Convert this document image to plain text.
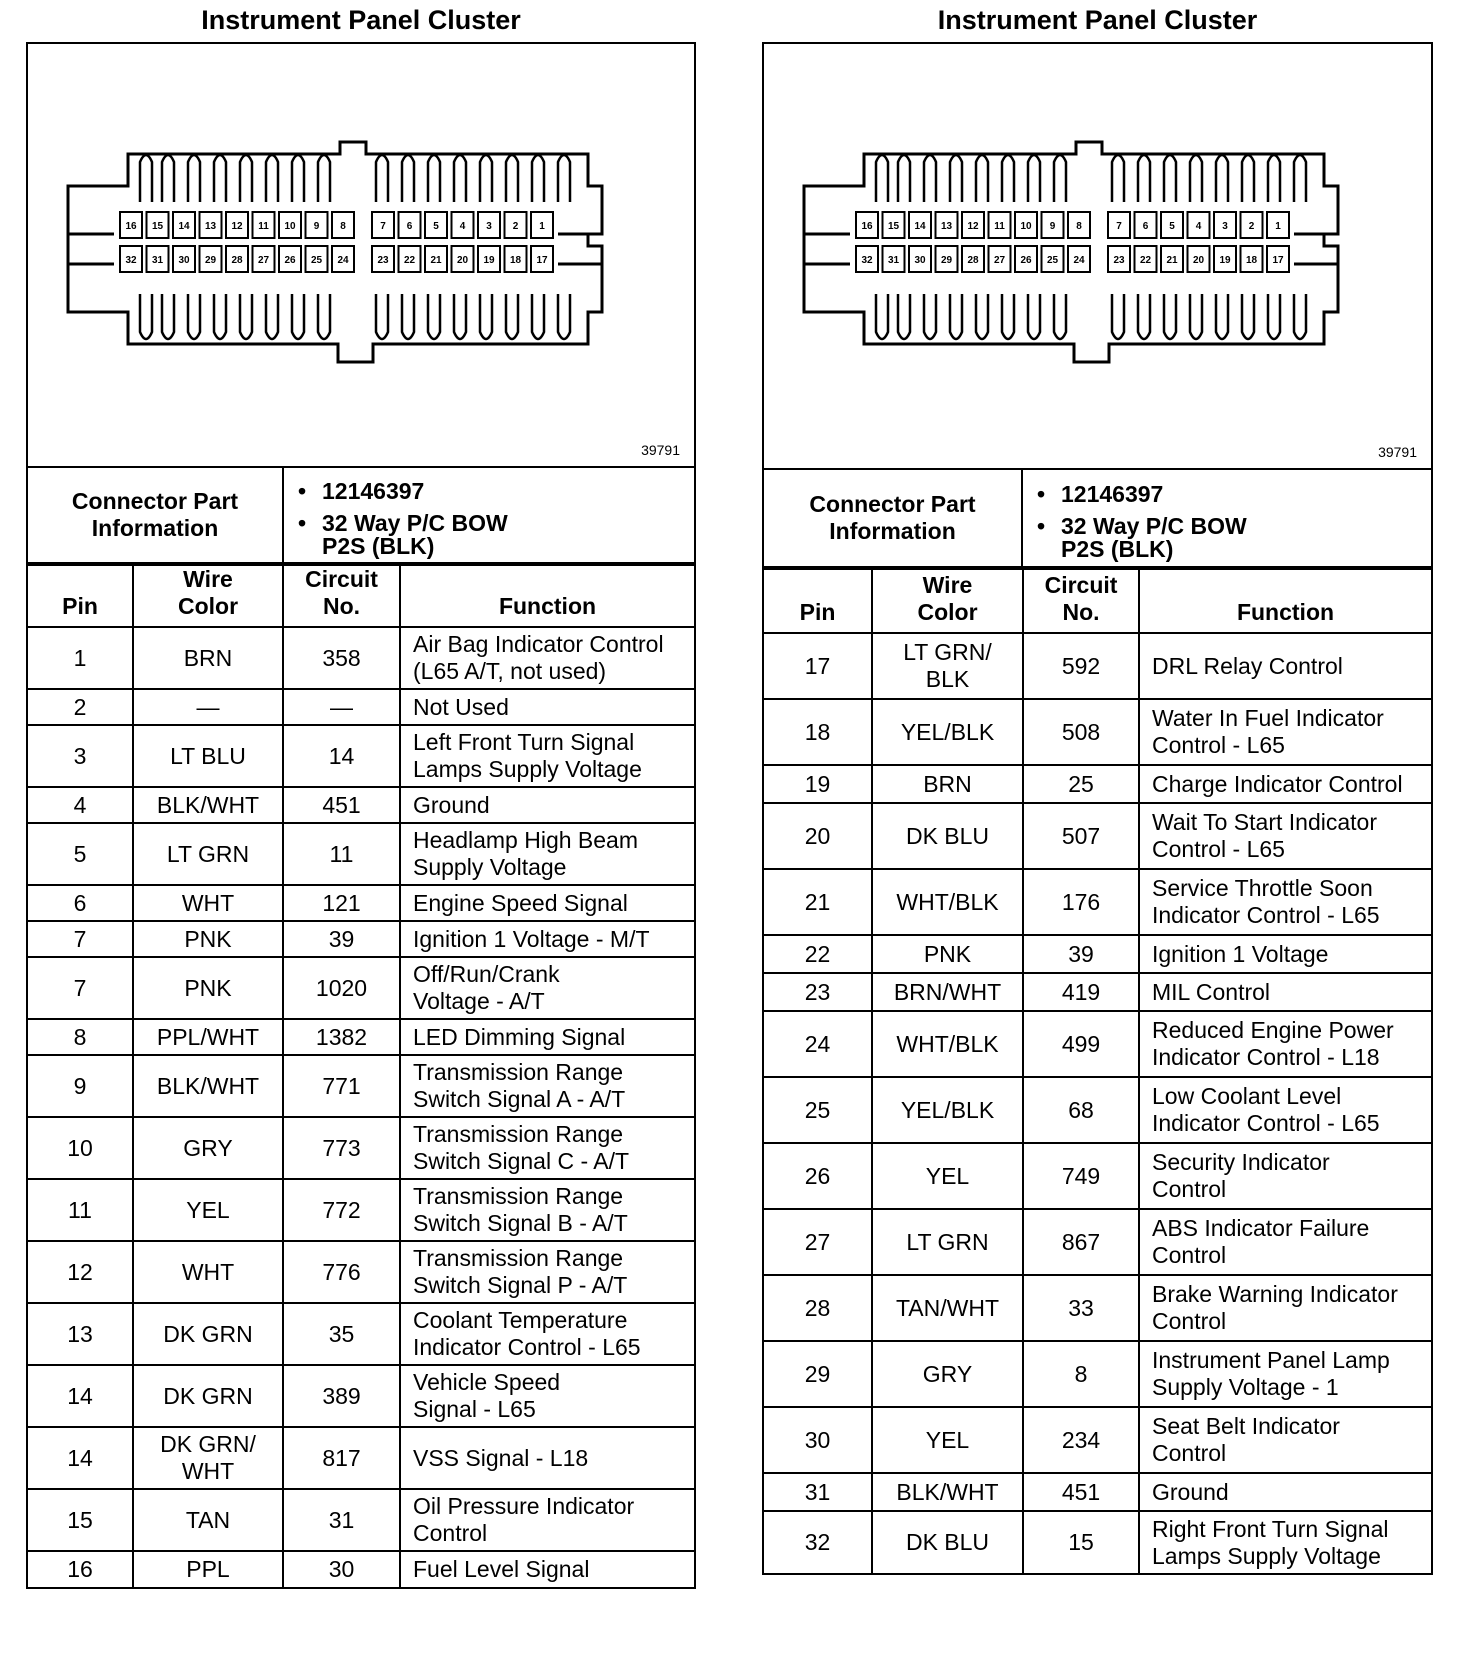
Instrument Panel Cluster
16 15 14 13 12 11 10 9 8	7 6 5 4 3 2 1
32 31 30 29 28 27 26 25 24	23 22 21 20 19 18 17
39791
Connector Part
Information	
• 12146397
• 32 Way P/C BOW
P2S (BLK)
Pin	Wire
Color	Circuit
No.	Function
1	BRN	358	Air Bag Indicator Control
(L65 A/T, not used)
2	—	—	Not Used
3	LT BLU	14	Left Front Turn Signal
Lamps Supply Voltage
4	BLK/WHT	451	Ground
5	LT GRN	11	Headlamp High Beam
Supply Voltage
6	WHT	121	Engine Speed Signal
7	PNK	39	Ignition 1 Voltage - M/T
7	PNK	1020	Off/Run/Crank
Voltage - A/T
8	PPL/WHT	1382	LED Dimming Signal
9	BLK/WHT	771	Transmission Range
Switch Signal A - A/T
10	GRY	773	Transmission Range
Switch Signal C - A/T
11	YEL	772	Transmission Range
Switch Signal B - A/T
12	WHT	776	Transmission Range
Switch Signal P - A/T
13	DK GRN	35	Coolant Temperature
Indicator Control - L65
14	DK GRN	389	Vehicle Speed
Signal - L65
14	DK GRN/
WHT	817	VSS Signal - L18
15	TAN	31	Oil Pressure Indicator
Control
16	PPL	30	Fuel Level Signal
Instrument Panel Cluster
16 15 14 13 12 11 10 9 8	7 6 5 4 3 2 1
32 31 30 29 28 27 26 25 24	23 22 21 20 19 18 17
39791
Connector Part
Information	
• 12146397
• 32 Way P/C BOW
P2S (BLK)
Pin	Wire
Color	Circuit
No.	Function
17	LT GRN/
BLK	592	DRL Relay Control
18	YEL/BLK	508	Water In Fuel Indicator
Control - L65
19	BRN	25	Charge Indicator Control
20	DK BLU	507	Wait To Start Indicator
Control - L65
21	WHT/BLK	176	Service Throttle Soon
Indicator Control - L65
22	PNK	39	Ignition 1 Voltage
23	BRN/WHT	419	MIL Control
24	WHT/BLK	499	Reduced Engine Power
Indicator Control - L18
25	YEL/BLK	68	Low Coolant Level
Indicator Control - L65
26	YEL	749	Security Indicator
Control
27	LT GRN	867	ABS Indicator Failure
Control
28	TAN/WHT	33	Brake Warning Indicator
Control
29	GRY	8	Instrument Panel Lamp
Supply Voltage - 1
30	YEL	234	Seat Belt Indicator
Control
31	BLK/WHT	451	Ground
32	DK BLU	15	Right Front Turn Signal
Lamps Supply Voltage
